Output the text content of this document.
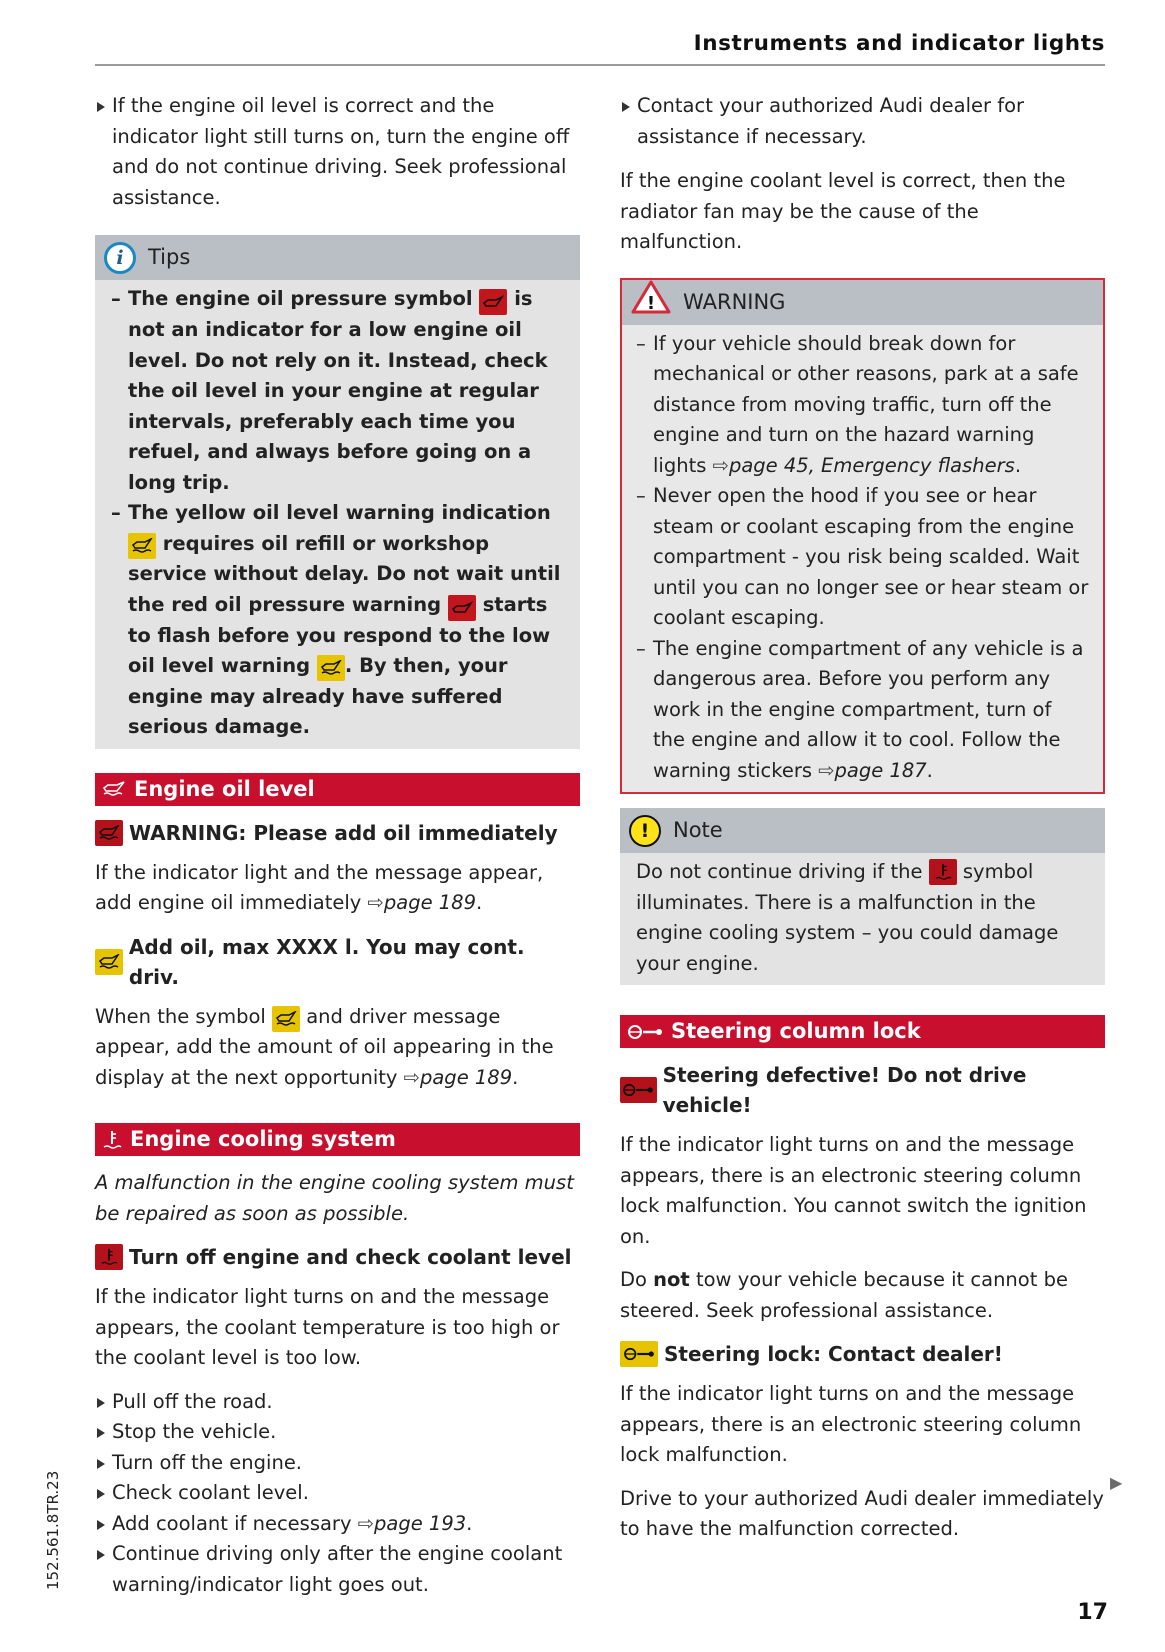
Instruments and indicator lights
If the engine oil level is correct and the indicator light still turns on, turn the engine off and do not continue driving. Seek professional assistance.
i	Tips
– The engine oil pressure symbol is not an indicator for a low engine oil level. Do not rely on it. Instead, check the oil level in your engine at regular intervals, preferably each time you refuel, and always before going on a long trip.
– The yellow oil level warning indication
requires oil refill or workshop service without delay. Do not wait until the red oil pressure warning starts to flash before you respond to the low oil level warning . By then, your engine may already have suffered serious damage.
Engine oil level
WARNING: Please add oil immediately

If the indicator light and the message appear, add engine oil immediately ⇨page 189.

Add oil, max XXXX l. You may cont. driv.

When the symbol and driver message appear, add the amount of oil appearing in the display at the next opportunity ⇨page 189.

Engine cooling system

A malfunction in the engine cooling system must be repaired as soon as possible.

Turn off engine and check coolant level

If the indicator light turns on and the message appears, the coolant temperature is too high or the coolant level is too low.

Pull off the road.
Stop the vehicle.
Turn off the engine.
Check coolant level.
Add coolant if necessary ⇨page 193.
Continue driving only after the engine coolant warning/indicator light goes out.
Contact your authorized Audi dealer for assistance if necessary.

If the engine coolant level is correct, then the radiator fan may be the cause of the malfunction.

! WARNING
– If your vehicle should break down for mechanical or other reasons, park at a safe distance from moving traffic, turn off the engine and turn on the hazard warning lights ⇨page 45, Emergency flashers.
– Never open the hood if you see or hear steam or coolant escaping from the engine compartment - you risk being scalded. Wait until you can no longer see or hear steam or coolant escaping.
– The engine compartment of any vehicle is a dangerous area. Before you perform any work in the engine compartment, turn of the engine and allow it to cool. Follow the warning stickers ⇨page 187.
!	Note
Do not continue driving if the symbol illuminates. There is a malfunction in the engine cooling system – you could damage your engine.
Steering column lock
Steering defective! Do not drive vehicle!

If the indicator light turns on and the message appears, there is an electronic steering column lock malfunction. You cannot switch the ignition on.

Do not tow your vehicle because it cannot be steered. Seek professional assistance.

Steering lock: Contact dealer!

If the indicator light turns on and the message appears, there is an electronic steering column lock malfunction.

Drive to your authorized Audi dealer immediately to have the malfunction corrected.

▶
152.561.8TR.23
17
